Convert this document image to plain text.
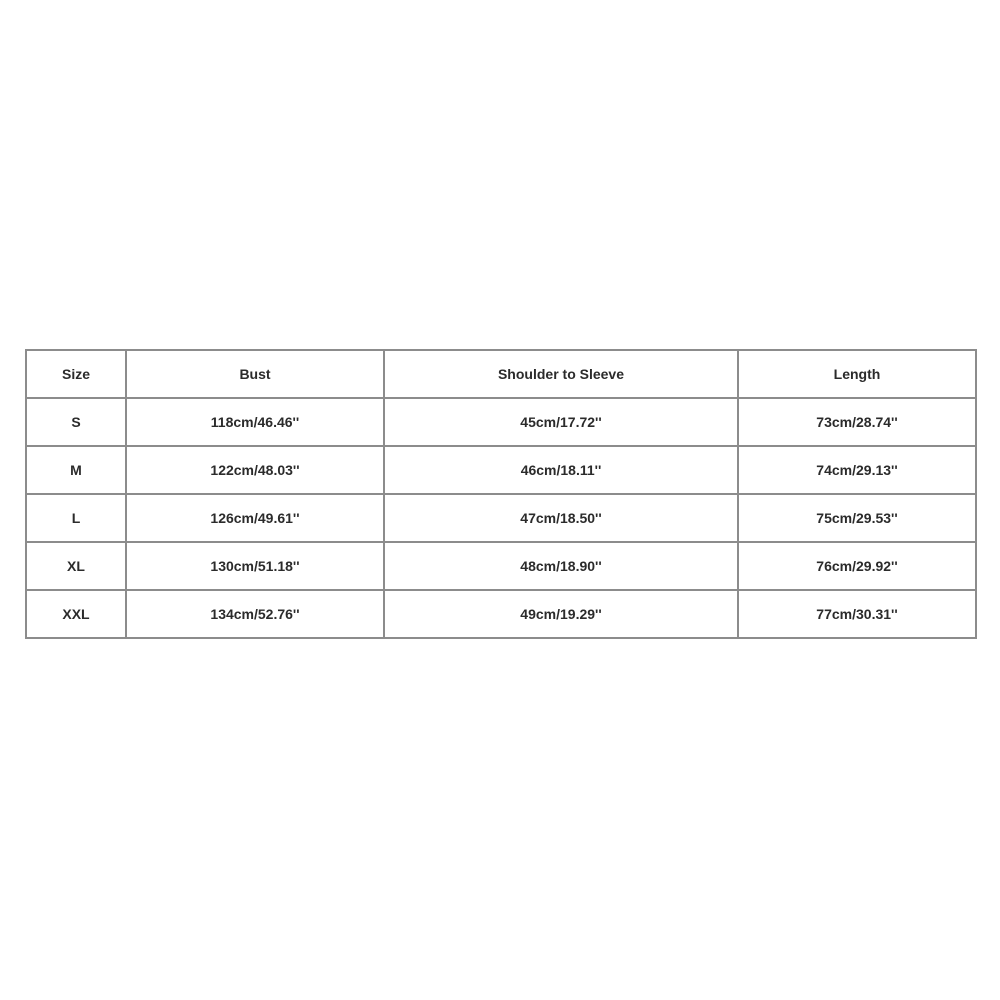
Size	Bust	Shoulder to Sleeve	Length
S	118cm/46.46''	45cm/17.72''	73cm/28.74''
M	122cm/48.03''	46cm/18.11''	74cm/29.13''
L	126cm/49.61''	47cm/18.50''	75cm/29.53''
XL	130cm/51.18''	48cm/18.90''	76cm/29.92''
XXL	134cm/52.76''	49cm/19.29''	77cm/30.31''
